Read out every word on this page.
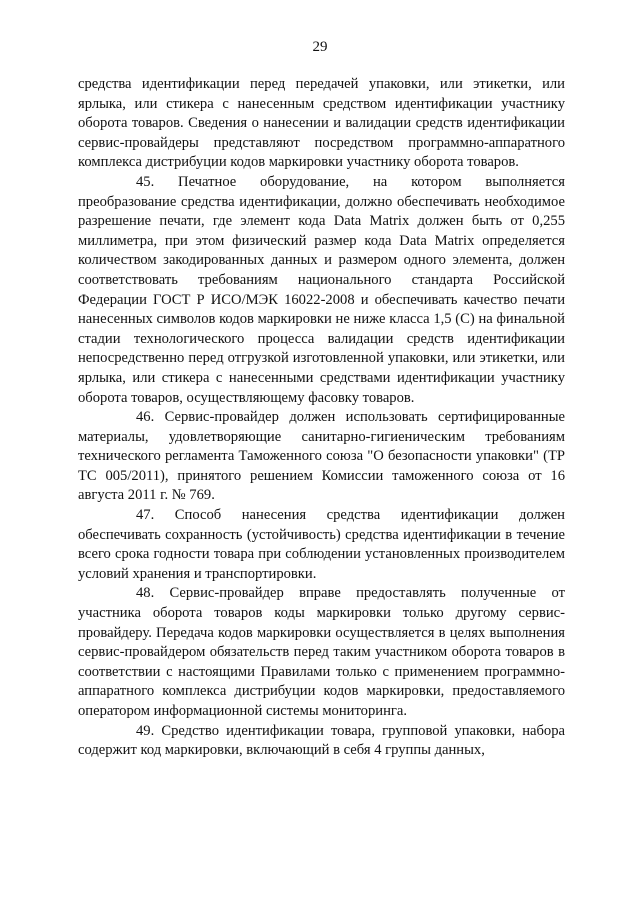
29

средства идентификации перед передачей упаковки, или этикетки, или ярлыка, или стикера с нанесенным средством идентификации участнику оборота товаров. Сведения о нанесении и валидации средств идентификации сервис-провайдеры представляют посредством программно-аппаратного комплекса дистрибуции кодов маркировки участнику оборота товаров.

45. Печатное оборудование, на котором выполняется преобразование средства идентификации, должно обеспечивать необходимое разрешение печати, где элемент кода Data Matrix должен быть от 0,255 миллиметра, при этом физический размер кода Data Matrix определяется количеством закодированных данных и размером одного элемента, должен соответствовать требованиям национального стандарта Российской Федерации ГОСТ Р ИСО/МЭК 16022-2008 и обеспечивать качество печати нанесенных символов кодов маркировки не ниже класса 1,5 (C) на финальной стадии технологического процесса валидации средств идентификации непосредственно перед отгрузкой изготовленной упаковки, или этикетки, или ярлыка, или стикера с нанесенными средствами идентификации участнику оборота товаров, осуществляющему фасовку товаров.

46. Сервис-провайдер должен использовать сертифицированные материалы, удовлетворяющие санитарно-гигиеническим требованиям технического регламента Таможенного союза "О безопасности упаковки" (ТР ТС 005/2011), принятого решением Комиссии таможенного союза от 16 августа 2011 г. № 769.

47. Способ нанесения средства идентификации должен обеспечивать сохранность (устойчивость) средства идентификации в течение всего срока годности товара при соблюдении установленных производителем условий хранения и транспортировки.

48. Сервис-провайдер вправе предоставлять полученные от участника оборота товаров коды маркировки только другому сервис-провайдеру. Передача кодов маркировки осуществляется в целях выполнения сервис-провайдером обязательств перед таким участником оборота товаров в соответствии с настоящими Правилами только с применением программно-аппаратного комплекса дистрибуции кодов маркировки, предоставляемого оператором информационной системы мониторинга.

49. Средство идентификации товара, групповой упаковки, набора содержит код маркировки, включающий в себя 4 группы данных,
